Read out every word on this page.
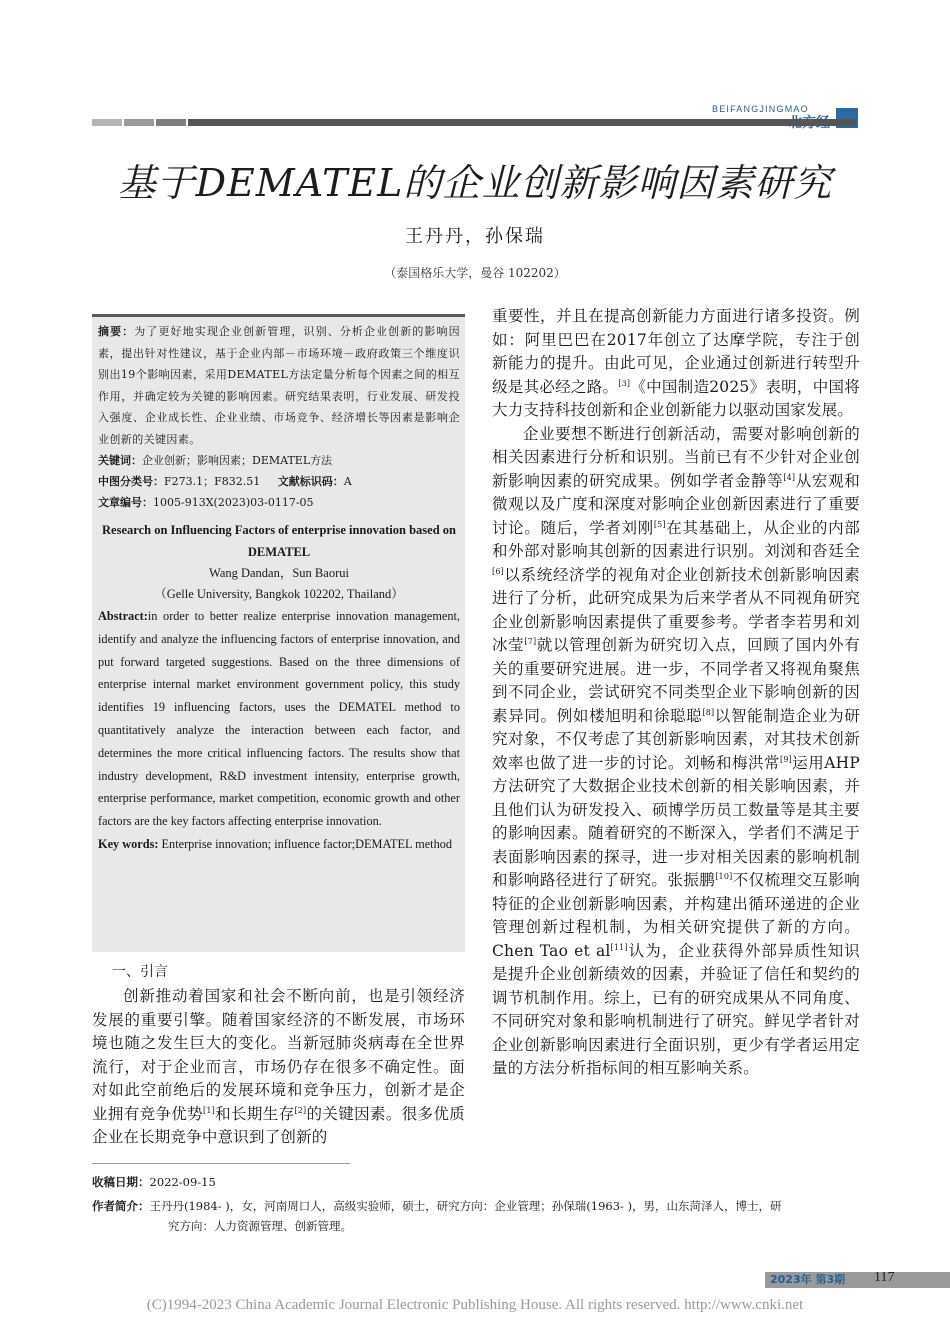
BEIFANGJINGMAO
基于DEMATEL的企业创新影响因素研究
王丹丹，孙保瑞
（泰国格乐大学，曼谷 102202）

摘要：为了更好地实现企业创新管理，识别、分析企业创新的影响因素，提出针对性建议，基于企业内部－市场环境－政府政策三个维度识别出19个影响因素，采用DEMATEL方法定量分析每个因素之间的相互作用，并确定较为关键的影响因素。研究结果表明，行业发展、研发投入强度、企业成长性、企业业绩、市场竞争、经济增长等因素是影响企业创新的关键因素。

关键词：企业创新；影响因素；DEMATEL方法

中图分类号：F273.1；F832.51 文献标识码：A

文章编号：1005-913X(2023)03-0117-05

Research on Influencing Factors of enterprise innovation based on DEMATEL

Wang Dandan，Sun Baorui

（Gelle University, Bangkok 102202, Thailand）

Abstract:in order to better realize enterprise innovation management, identify and analyze the influencing factors of enterprise innovation, and put forward targeted suggestions. Based on the three dimensions of enterprise internal market environment government policy, this study identifies 19 influencing factors, uses the DEMATEL method to quantitatively analyze the interaction between each factor, and determines the more critical influencing factors. The results show that industry development, R&D investment intensity, enterprise growth, enterprise performance, market competition, economic growth and other factors are the key factors affecting enterprise innovation.

Key words: Enterprise innovation; influence factor;DEMATEL method

一、引言

创新推动着国家和社会不断向前，也是引领经济发展的重要引擎。随着国家经济的不断发展，市场环境也随之发生巨大的变化。当新冠肺炎病毒在全世界流行，对于企业而言，市场仍存在很多不确定性。面对如此空前绝后的发展环境和竞争压力，创新才是企业拥有竞争优势[1]和长期生存[2]的关键因素。很多优质企业在长期竞争中意识到了创新的

重要性，并且在提高创新能力方面进行诸多投资。例如：阿里巴巴在2017年创立了达摩学院，专注于创新能力的提升。由此可见，企业通过创新进行转型升级是其必经之路。[3]《中国制造2025》表明，中国将大力支持科技创新和企业创新能力以驱动国家发展。

企业要想不断进行创新活动，需要对影响创新的相关因素进行分析和识别。当前已有不少针对企业创新影响因素的研究成果。例如学者金静等[4]从宏观和微观以及广度和深度对影响企业创新因素进行了重要讨论。随后，学者刘刚[5]在其基础上，从企业的内部和外部对影响其创新的因素进行识别。刘浏和沓廷全[6]以系统经济学的视角对企业创新技术创新影响因素进行了分析，此研究成果为后来学者从不同视角研究企业创新影响因素提供了重要参考。学者李若男和刘冰莹[7]就以管理创新为研究切入点，回顾了国内外有关的重要研究进展。进一步，不同学者又将视角聚焦到不同企业，尝试研究不同类型企业下影响创新的因素异同。例如楼旭明和徐聪聪[8]以智能制造企业为研究对象，不仅考虑了其创新影响因素，对其技术创新效率也做了进一步的讨论。刘畅和梅洪常[9]运用AHP方法研究了大数据企业技术创新的相关影响因素，并且他们认为研发投入、硕博学历员工数量等是其主要的影响因素。随着研究的不断深入，学者们不满足于表面影响因素的探寻，进一步对相关因素的影响机制和影响路径进行了研究。张振鹏[10]不仅梳理交互影响特征的企业创新影响因素，并构建出循环递进的企业管理创新过程机制，为相关研究提供了新的方向。Chen Tao et al[11]认为，企业获得外部异质性知识是提升企业创新绩效的因素，并验证了信任和契约的调节机制作用。综上，已有的研究成果从不同角度、不同研究对象和影响机制进行了研究。鲜见学者针对企业创新影响因素进行全面识别，更少有学者运用定量的方法分析指标间的相互影响关系。

收稿日期：2022-09-15
作者简介：王丹丹(1984- )，女，河南周口人，高级实验师，硕士，研究方向：企业管理；孙保瑞(1963- )，男，山东菏泽人，博士，研
究方向：人力资源管理、创新管理。
2023年 第3期 117
(C)1994-2023 China Academic Journal Electronic Publishing House. All rights reserved. http://www.cnki.net
